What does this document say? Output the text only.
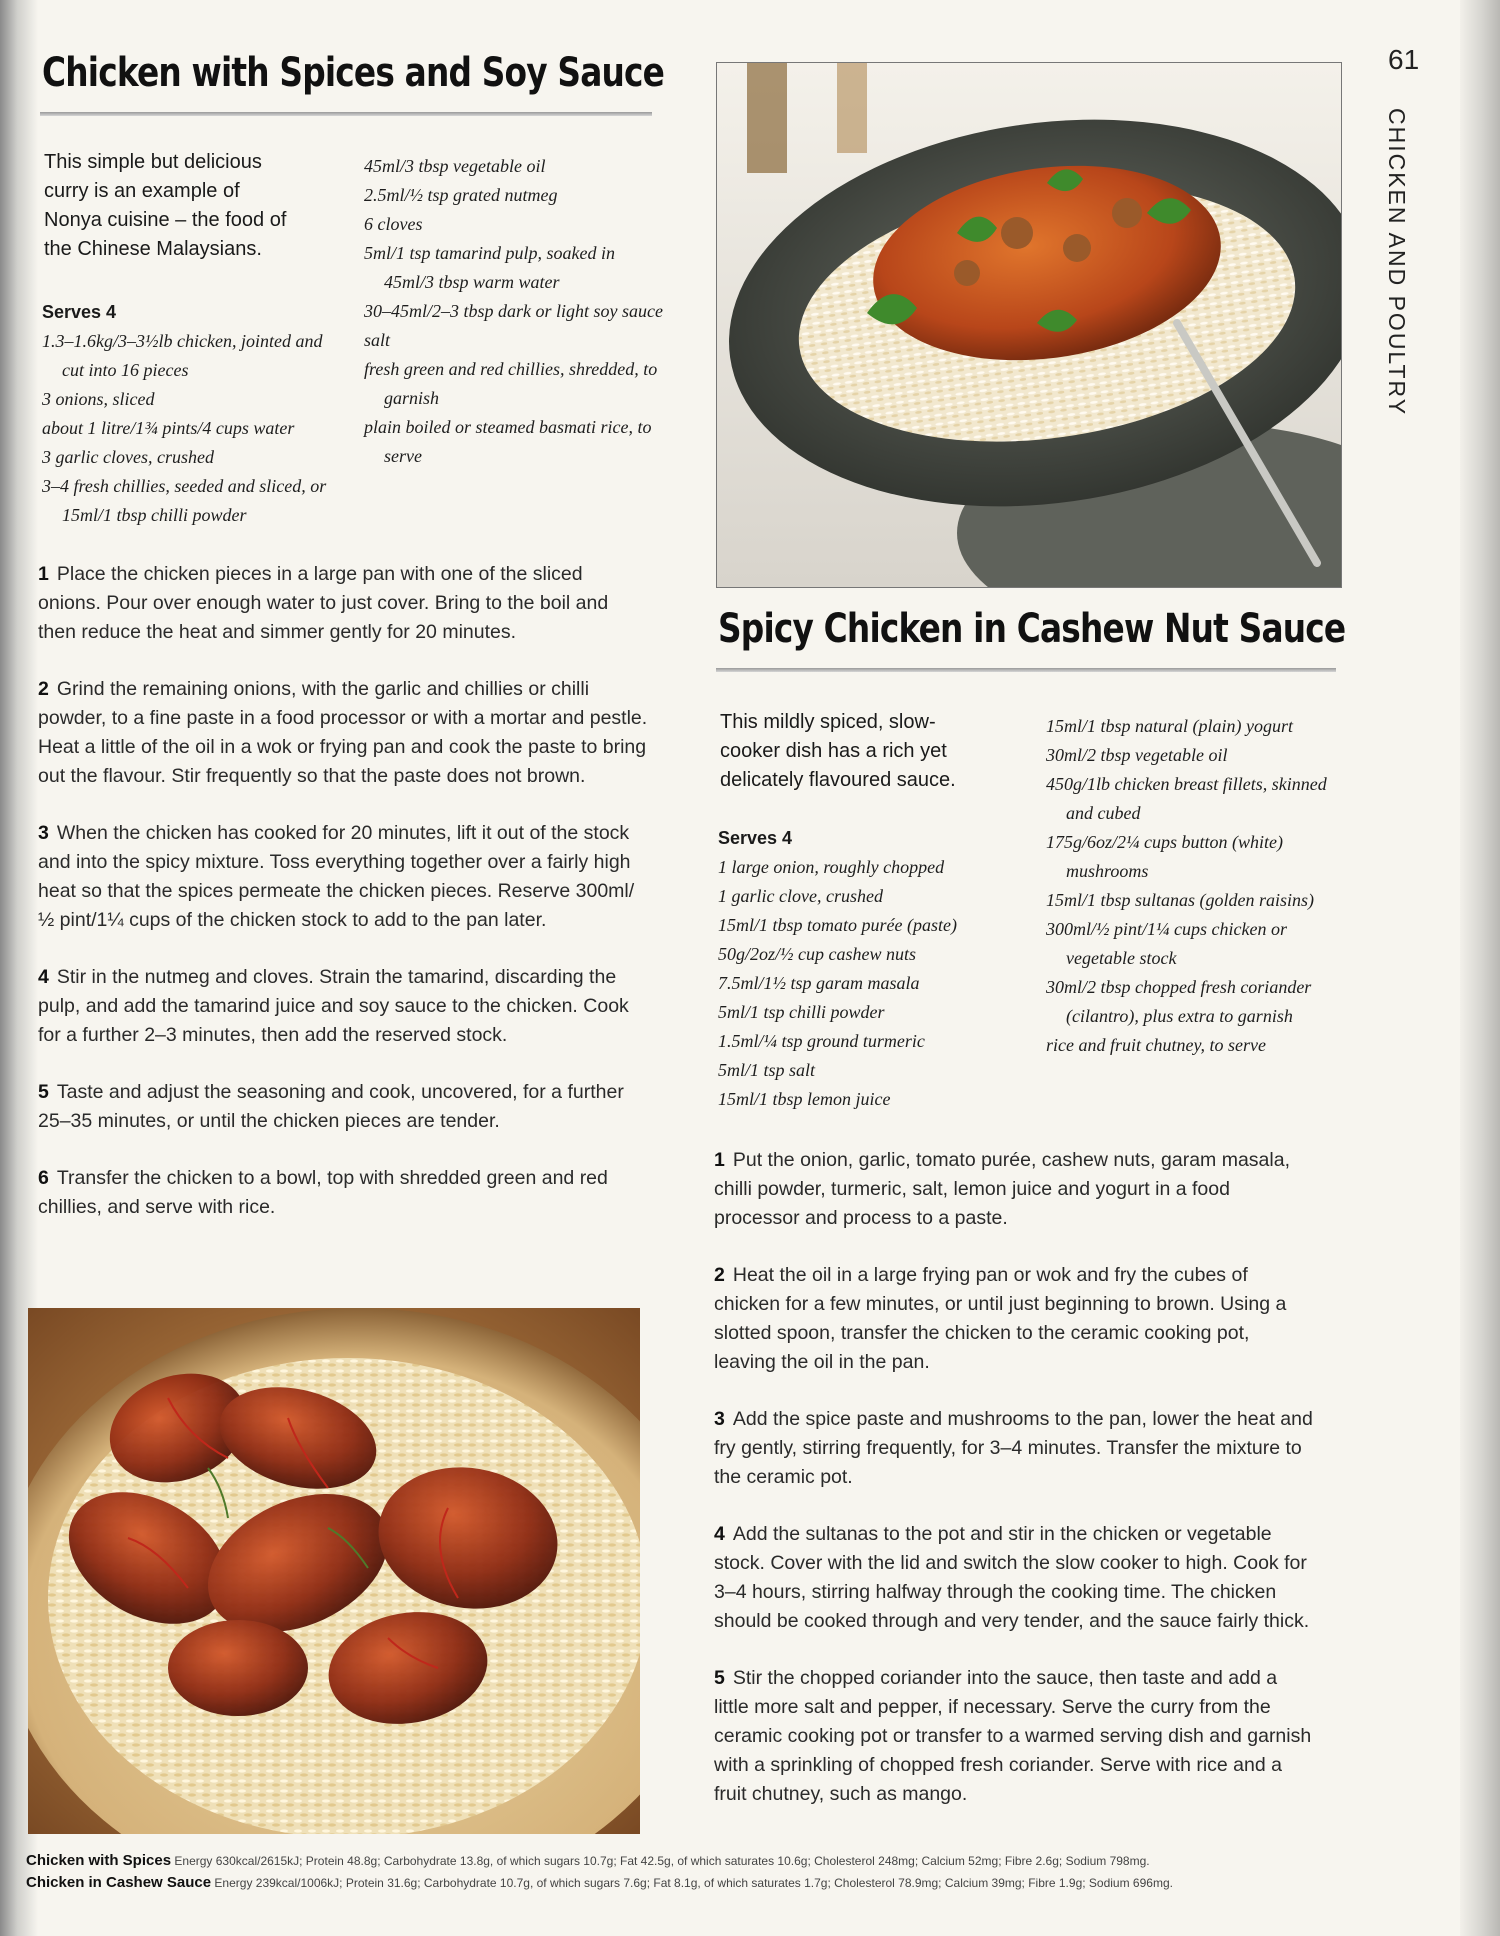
61
CHICKEN AND POULTRY
Chicken with Spices and Soy Sauce
This simple but delicious curry is an example of Nonya cuisine – the food of the Chinese Malaysians.
Serves 4
1.3–1.6kg/3–3½lb chicken, jointed and cut into 16 pieces
3 onions, sliced
about 1 litre/1¾ pints/4 cups water
3 garlic cloves, crushed
3–4 fresh chillies, seeded and sliced, or 15ml/1 tbsp chilli powder
45ml/3 tbsp vegetable oil
2.5ml/½ tsp grated nutmeg
6 cloves
5ml/1 tsp tamarind pulp, soaked in 45ml/3 tbsp warm water
30–45ml/2–3 tbsp dark or light soy sauce
salt
fresh green and red chillies, shredded, to garnish
plain boiled or steamed basmati rice, to serve
1 Place the chicken pieces in a large pan with one of the sliced onions. Pour over enough water to just cover. Bring to the boil and then reduce the heat and simmer gently for 20 minutes.
2 Grind the remaining onions, with the garlic and chillies or chilli powder, to a fine paste in a food processor or with a mortar and pestle. Heat a little of the oil in a wok or frying pan and cook the paste to bring out the flavour. Stir frequently so that the paste does not brown.
3 When the chicken has cooked for 20 minutes, lift it out of the stock and into the spicy mixture. Toss everything together over a fairly high heat so that the spices permeate the chicken pieces. Reserve 300ml/½ pint/1¼ cups of the chicken stock to add to the pan later.
4 Stir in the nutmeg and cloves. Strain the tamarind, discarding the pulp, and add the tamarind juice and soy sauce to the chicken. Cook for a further 2–3 minutes, then add the reserved stock.
5 Taste and adjust the seasoning and cook, uncovered, for a further 25–35 minutes, or until the chicken pieces are tender.
6 Transfer the chicken to a bowl, top with shredded green and red chillies, and serve with rice.
Spicy Chicken in Cashew Nut Sauce
This mildly spiced, slow-cooker dish has a rich yet delicately flavoured sauce.
Serves 4
1 large onion, roughly chopped
1 garlic clove, crushed
15ml/1 tbsp tomato purée (paste)
50g/2oz/½ cup cashew nuts
7.5ml/1½ tsp garam masala
5ml/1 tsp chilli powder
1.5ml/¼ tsp ground turmeric
5ml/1 tsp salt
15ml/1 tbsp lemon juice
15ml/1 tbsp natural (plain) yogurt
30ml/2 tbsp vegetable oil
450g/1lb chicken breast fillets, skinned and cubed
175g/6oz/2¼ cups button (white) mushrooms
15ml/1 tbsp sultanas (golden raisins)
300ml/½ pint/1¼ cups chicken or vegetable stock
30ml/2 tbsp chopped fresh coriander (cilantro), plus extra to garnish
rice and fruit chutney, to serve
1 Put the onion, garlic, tomato purée, cashew nuts, garam masala, chilli powder, turmeric, salt, lemon juice and yogurt in a food processor and process to a paste.
2 Heat the oil in a large frying pan or wok and fry the cubes of chicken for a few minutes, or until just beginning to brown. Using a slotted spoon, transfer the chicken to the ceramic cooking pot, leaving the oil in the pan.
3 Add the spice paste and mushrooms to the pan, lower the heat and fry gently, stirring frequently, for 3–4 minutes. Transfer the mixture to the ceramic pot.
4 Add the sultanas to the pot and stir in the chicken or vegetable stock. Cover with the lid and switch the slow cooker to high. Cook for 3–4 hours, stirring halfway through the cooking time. The chicken should be cooked through and very tender, and the sauce fairly thick.
5 Stir the chopped coriander into the sauce, then taste and add a little more salt and pepper, if necessary. Serve the curry from the ceramic cooking pot or transfer to a warmed serving dish and garnish with a sprinkling of chopped fresh coriander. Serve with rice and a fruit chutney, such as mango.
Chicken with Spices Energy 630kcal/2615kJ; Protein 48.8g; Carbohydrate 13.8g, of which sugars 10.7g; Fat 42.5g, of which saturates 10.6g; Cholesterol 248mg; Calcium 52mg; Fibre 2.6g; Sodium 798mg.
Chicken in Cashew Sauce Energy 239kcal/1006kJ; Protein 31.6g; Carbohydrate 10.7g, of which sugars 7.6g; Fat 8.1g, of which saturates 1.7g; Cholesterol 78.9mg; Calcium 39mg; Fibre 1.9g; Sodium 696mg.
